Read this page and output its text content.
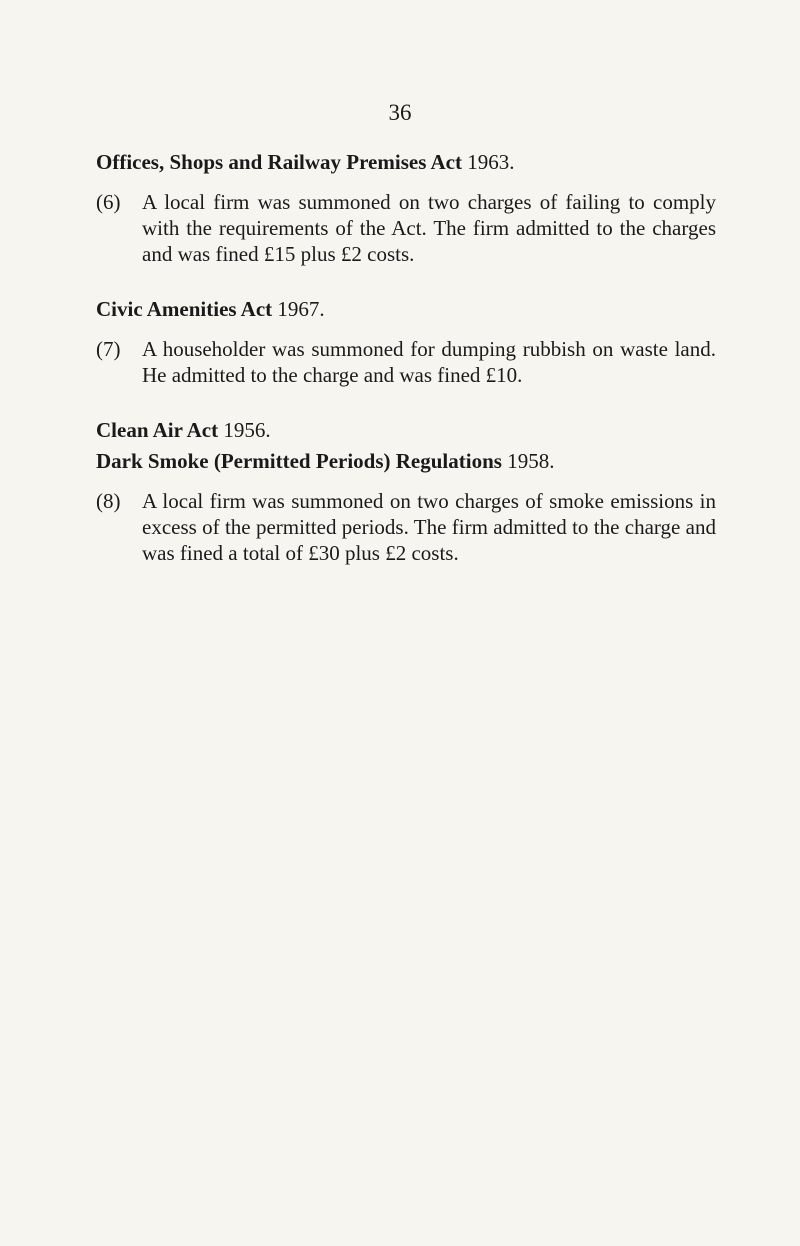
36

Offices, Shops and Railway Premises Act 1963.

(6)	A local firm was summoned on two charges of failing to comply with the requirements of the Act. The firm admitted to the charges and was fined £15 plus £2 costs.

Civic Amenities Act 1967.

(7)	A householder was summoned for dumping rubbish on waste land. He admitted to the charge and was fined £10.

Clean Air Act 1956.

Dark Smoke (Permitted Periods) Regulations 1958.

(8)	A local firm was summoned on two charges of smoke emissions in excess of the permitted periods. The firm admitted to the charge and was fined a total of £30 plus £2 costs.
